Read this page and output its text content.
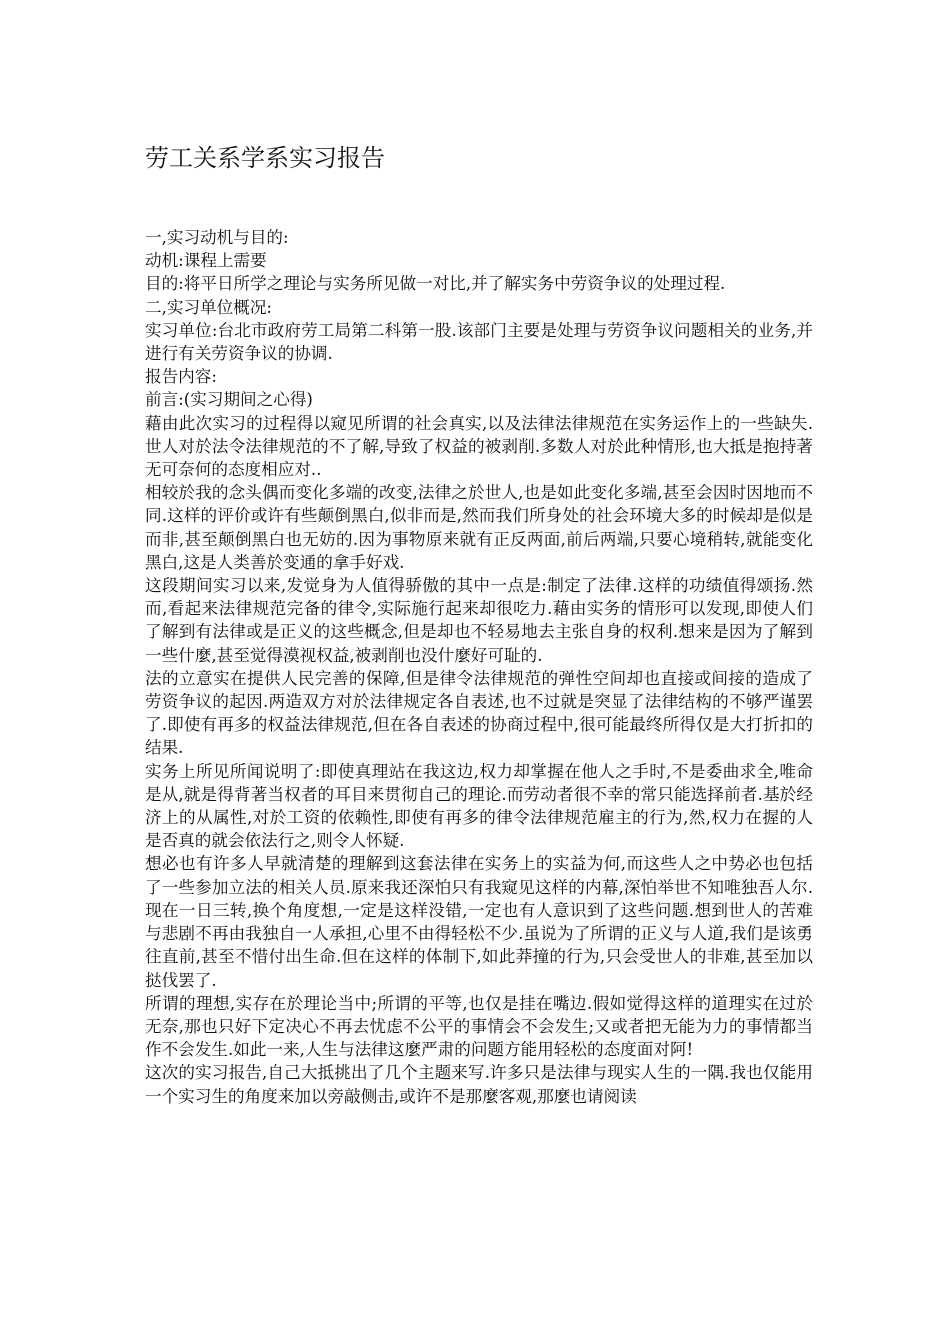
劳工关系学系实习报告

一,实习动机与目的:

动机:课程上需要

目的:将平日所学之理论与实务所见做一对比,并了解实务中劳资争议的处理过程.

二,实习单位概况:

实习单位:台北市政府劳工局第二科第一股.该部门主要是处理与劳资争议问题相关的业务,并进行有关劳资争议的协调.

报告内容:

前言:(实习期间之心得)

藉由此次实习的过程得以窥见所谓的社会真实,以及法律法律规范在实务运作上的一些缺失.世人对於法令法律规范的不了解,导致了权益的被剥削.多数人对於此种情形,也大抵是抱持著无可奈何的态度相应对..

相较於我的念头偶而变化多端的改变,法律之於世人,也是如此变化多端,甚至会因时因地而不同.这样的评价或许有些颠倒黑白,似非而是,然而我们所身处的社会环境大多的时候却是似是而非,甚至颠倒黑白也无妨的.因为事物原来就有正反两面,前后两端,只要心境稍转,就能变化黑白,这是人类善於变通的拿手好戏.

这段期间实习以来,发觉身为人值得骄傲的其中一点是:制定了法律.这样的功绩值得颂扬.然而,看起来法律规范完备的律令,实际施行起来却很吃力.藉由实务的情形可以发现,即使人们了解到有法律或是正义的这些概念,但是却也不轻易地去主张自身的权利.想来是因为了解到一些什麼,甚至觉得漠视权益,被剥削也没什麼好可耻的.

法的立意实在提供人民完善的保障,但是律令法律规范的弹性空间却也直接或间接的造成了劳资争议的起因.两造双方对於法律规定各自表述,也不过就是突显了法律结构的不够严谨罢了.即使有再多的权益法律规范,但在各自表述的协商过程中,很可能最终所得仅是大打折扣的结果.

实务上所见所闻说明了:即使真理站在我这边,权力却掌握在他人之手时,不是委曲求全,唯命是从,就是得背著当权者的耳目来贯彻自己的理论.而劳动者很不幸的常只能选择前者.基於经济上的从属性,对於工资的依赖性,即使有再多的律令法律规范雇主的行为,然,权力在握的人是否真的就会依法行之,则令人怀疑.

想必也有许多人早就清楚的理解到这套法律在实务上的实益为何,而这些人之中势必也包括了一些参加立法的相关人员.原来我还深怕只有我窥见这样的内幕,深怕举世不知唯独吾人尔.现在一日三转,换个角度想,一定是这样没错,一定也有人意识到了这些问题.想到世人的苦难与悲剧不再由我独自一人承担,心里不由得轻松不少.虽说为了所谓的正义与人道,我们是该勇往直前,甚至不惜付出生命.但在这样的体制下,如此莽撞的行为,只会受世人的非难,甚至加以挞伐罢了.

所谓的理想,实存在於理论当中;所谓的平等,也仅是挂在嘴边.假如觉得这样的道理实在过於无奈,那也只好下定决心不再去忧虑不公平的事情会不会发生;又或者把无能为力的事情都当作不会发生.如此一来,人生与法律这麼严肃的问题方能用轻松的态度面对阿!

这次的实习报告,自己大抵挑出了几个主题来写.许多只是法律与现实人生的一隅.我也仅能用一个实习生的角度来加以旁敲侧击,或许不是那麼客观,那麼也请阅读
